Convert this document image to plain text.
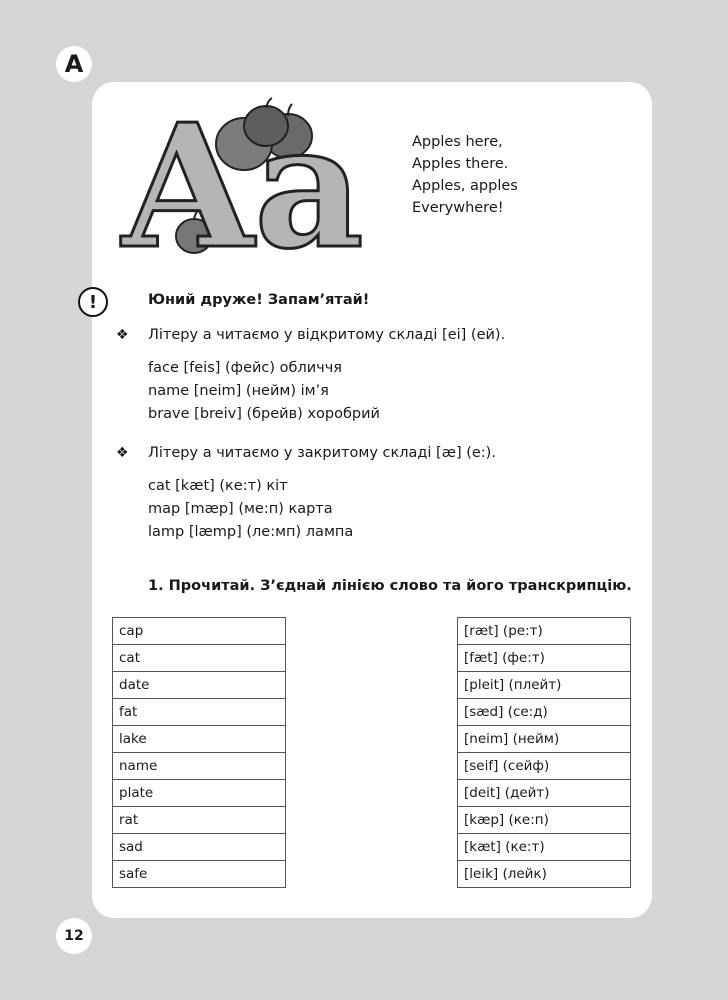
A
Aa	Apples here,
Apples there.
Apples, apples
Everywhere!
!	Юний друже! Запам’ятай!
❖ Літеру а читаємо у відкритому складі [ei] (ей).
face [feis] (фейс) обличчя
name [neim] (нейм) ім’я
brave [breiv] (брейв) хоробрий
❖ Літеру а читаємо у закритому складі [æ] (е:).
cat [kæt] (ке:т) кіт
map [mæp] (ме:п) карта
lamp [læmp] (ле:мп) лампа
1. Прочитай. З’єднай лінією слово та його транскрипцію.
cap
cat
date
fat
lake
name
plate
rat
sad
safe
[ræt] (ре:т)
[fæt] (фе:т)
[pleit] (плейт)
[sæd] (се:д)
[neim] (нейм)
[seif] (сейф)
[deit] (дейт)
[kæp] (ке:п)
[kæt] (ке:т)
[leik] (лейк)
12
